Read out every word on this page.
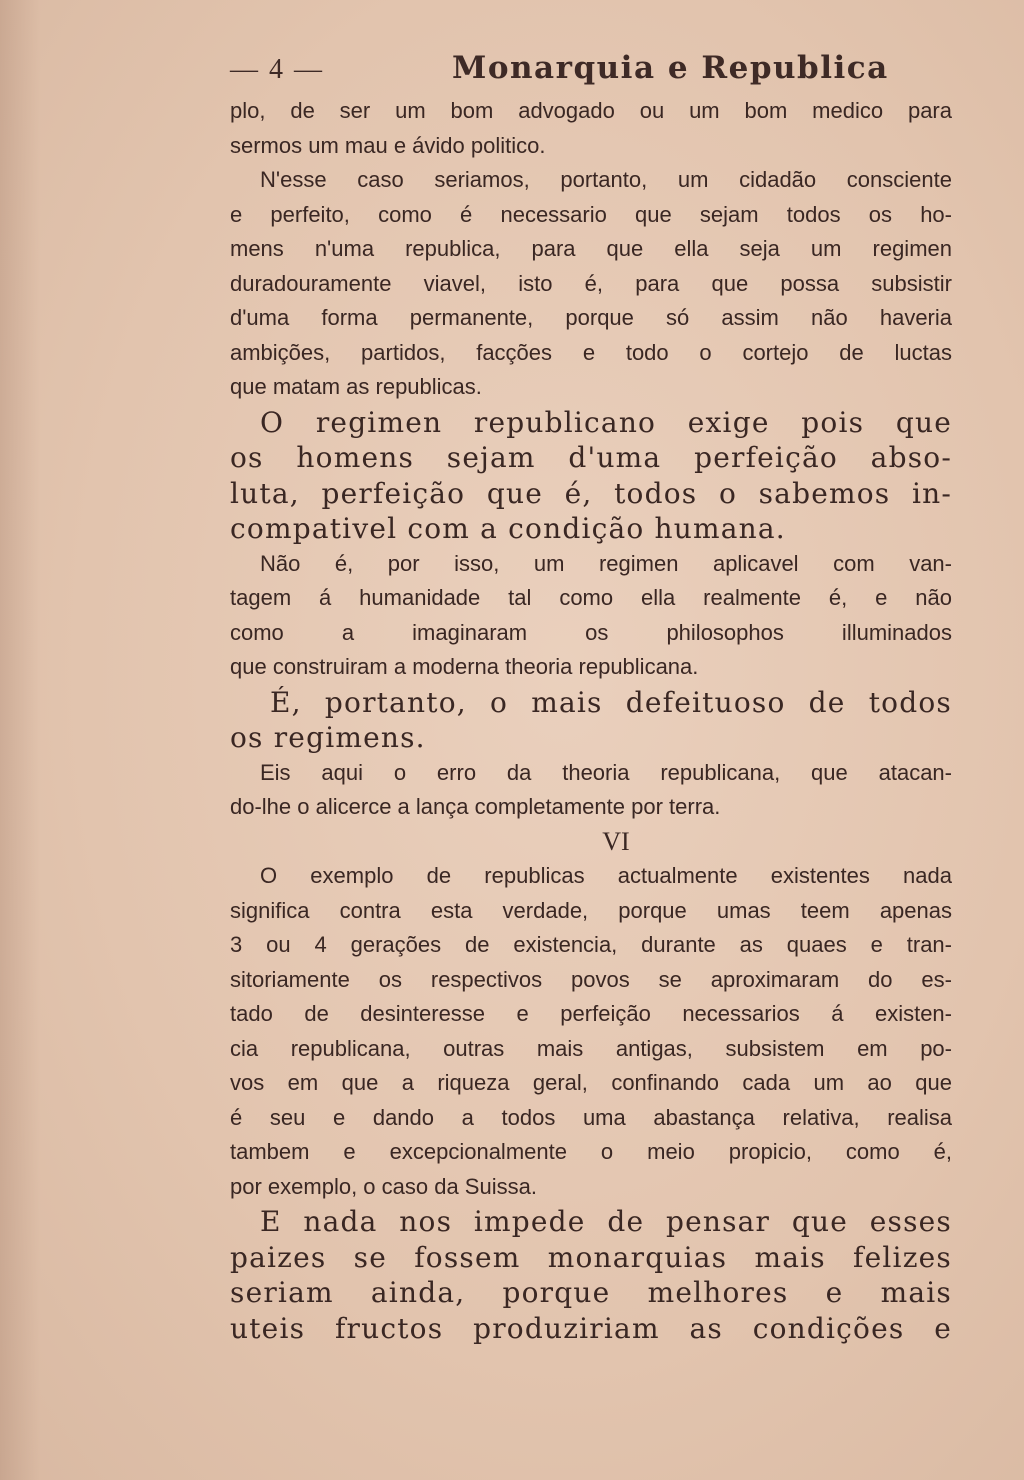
— 4 —	Monarquia e Republica
plo, de ser um bom advogado ou um bom medico para
sermos um mau e ávido politico.
N'esse caso seriamos, portanto, um cidadão consciente
e perfeito, como é necessario que sejam todos os ho-
mens n'uma republica, para que ella seja um regimen
duradouramente viavel, isto é, para que possa subsistir
d'uma forma permanente, porque só assim não haveria
ambições, partidos, facções e todo o cortejo de luctas
que matam as republicas.
O regimen republicano exige pois que
os homens sejam d'uma perfeição abso-
luta, perfeição que é, todos o sabemos in-
compativel com a condição humana.
Não é, por isso, um regimen aplicavel com van-
tagem á humanidade tal como ella realmente é, e não
como a imaginaram os philosophos illuminados
que construiram a moderna theoria republicana.
É, portanto, o mais defeituoso de todos
os regimens.
Eis aqui o erro da theoria republicana, que atacan-
do-lhe o alicerce a lança completamente por terra.
VI
O exemplo de republicas actualmente existentes nada
significa contra esta verdade, porque umas teem apenas
3 ou 4 gerações de existencia, durante as quaes e tran-
sitoriamente os respectivos povos se aproximaram do es-
tado de desinteresse e perfeição necessarios á existen-
cia republicana, outras mais antigas, subsistem em po-
vos em que a riqueza geral, confinando cada um ao que
é seu e dando a todos uma abastança relativa, realisa
tambem e excepcionalmente o meio propicio, como é,
por exemplo, o caso da Suissa.
E nada nos impede de pensar que esses
paizes se fossem monarquias mais felizes
seriam ainda, porque melhores e mais
uteis fructos produziriam as condições e
